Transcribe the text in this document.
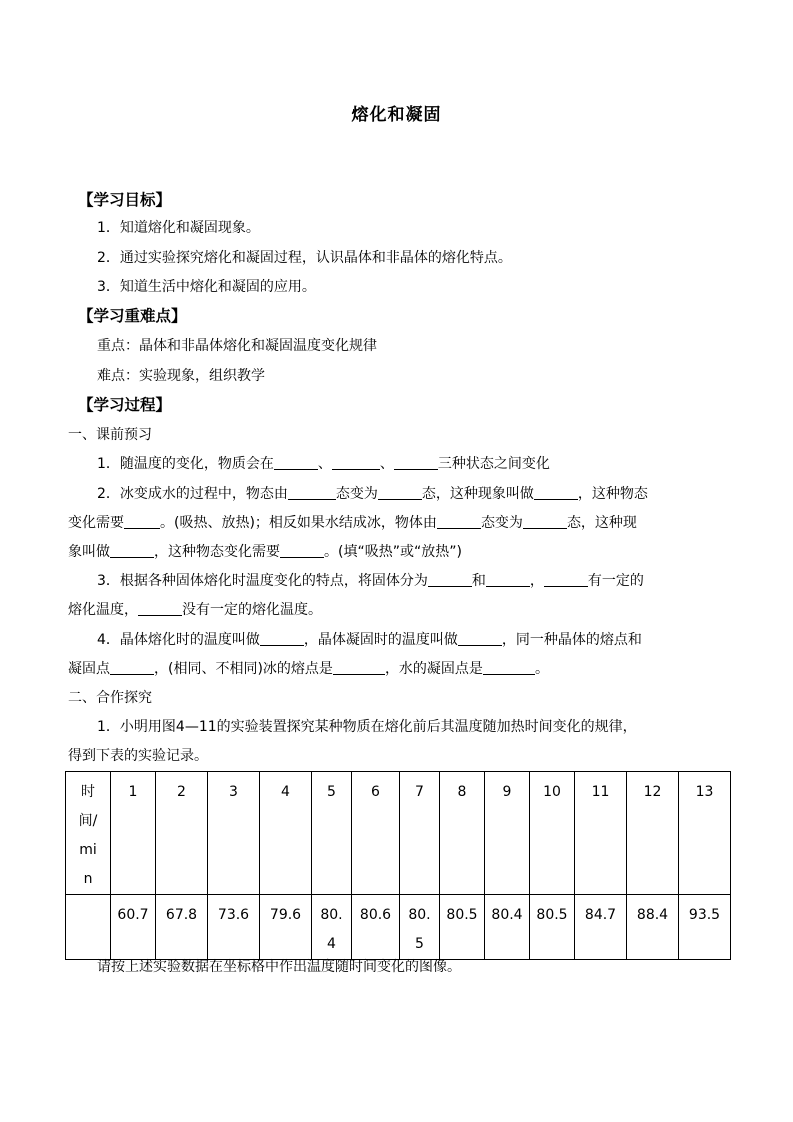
熔化和凝固
【学习目标】
1．知道熔化和凝固现象。
2．通过实验探究熔化和凝固过程，认识晶体和非晶体的熔化特点。
3．知道生活中熔化和凝固的应用。
【学习重难点】
重点：晶体和非晶体熔化和凝固温度变化规律
难点：实验现象，组织教学
【学习过程】
一、课前预习
1．随温度的变化，物质会在	、	、	三种状态之间变化
2．冰变成水的过程中，物态由	态变为	态，这种现象叫做	，这种物态
变化需要	。(吸热、放热)；相反如果水结成冰，物体由	态变为	态，这种现
象叫做	，这种物态变化需要	。(填“吸热”或“放热”)
3．根据各种固体熔化时温度变化的特点，将固体分为	和	，	有一定的
熔化温度，	没有一定的熔化温度。
4．晶体熔化时的温度叫做	，晶体凝固时的温度叫做	，同一种晶体的熔点和
凝固点	，(相同、不相同)冰的熔点是	，水的凝固点是	。
二、合作探究
1．小明用图4—11的实验装置探究某种物质在熔化前后其温度随加热时间变化的规律，
得到下表的实验记录。
时间/min	1	2	3	4	5	6	7	8	9	10	11	12	13
	60.7	67.8	73.6	79.6	80.4	80.6	80.5	80.5	80.4	80.5	84.7	88.4	93.5
请按上述实验数据在坐标格中作出温度随时间变化的图像。
